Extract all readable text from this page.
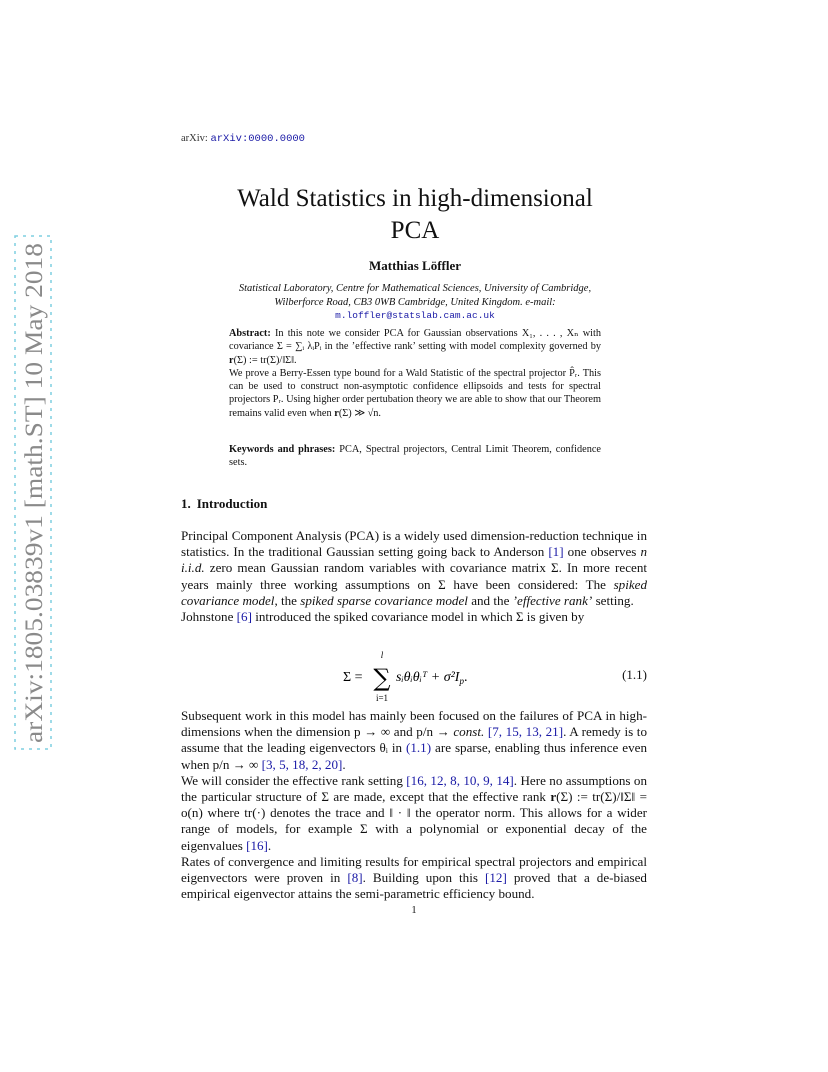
arXiv:1805.03839v1 [math.ST] 10 May 2018
arXiv: arXiv:0000.0000
Wald Statistics in high-dimensional
PCA
Matthias Löffler
Statistical Laboratory, Centre for Mathematical Sciences, University of Cambridge,
Wilberforce Road, CB3 0WB Cambridge, United Kingdom. e-mail:
m.loffler@statslab.cam.ac.uk

Abstract: In this note we consider PCA for Gaussian observations X₁, . . . , Xₙ with covariance Σ = ∑ᵢ λᵢPᵢ in the ’effective rank’ setting with model complexity governed by r(Σ) := tr(Σ)/‖Σ‖.

We prove a Berry-Essen type bound for a Wald Statistic of the spectral projector P̂ᵣ. This can be used to construct non-asymptotic confidence ellipsoids and tests for spectral projectors Pᵣ. Using higher order pertubation theory we are able to show that our Theorem remains valid even when r(Σ) ≫ √n.

Keywords and phrases: PCA, Spectral projectors, Central Limit Theorem, confidence sets.
1. Introduction

Principal Component Analysis (PCA) is a widely used dimension-reduction technique in statistics. In the traditional Gaussian setting going back to Anderson [1] one observes n i.i.d. zero mean Gaussian random variables with covariance matrix Σ. In more recent years mainly three working assumptions on Σ have been considered: The spiked covariance model, the spiked sparse covariance model and the ’effective rank’ setting.

Johnstone [6] introduced the spiked covariance model in which Σ is given by

Σ =
l
∑
i=1
sᵢθᵢθᵢᵀ + $\sigma^2I_p$.	(1.1)

Subsequent work in this model has mainly been focused on the failures of PCA in high-dimensions when the dimension p → ∞ and p/n → const. [7, 15, 13, 21]. A remedy is to assume that the leading eigenvectors θᵢ in (1.1) are sparse, enabling thus inference even when p/n → ∞ [3, 5, 18, 2, 20].

We will consider the effective rank setting [16, 12, 8, 10, 9, 14]. Here no assumptions on the particular structure of Σ are made, except that the effective rank r(Σ) := tr(Σ)/‖Σ‖ = o(n) where tr(·) denotes the trace and ‖ · ‖ the operator norm. This allows for a wider range of models, for example Σ with a polynomial or exponential decay of the eigenvalues [16].

Rates of convergence and limiting results for empirical spectral projectors and empirical eigenvectors were proven in [8]. Building upon this [12] proved that a de-biased empirical eigenvector attains the semi-parametric efficiency bound.

1
